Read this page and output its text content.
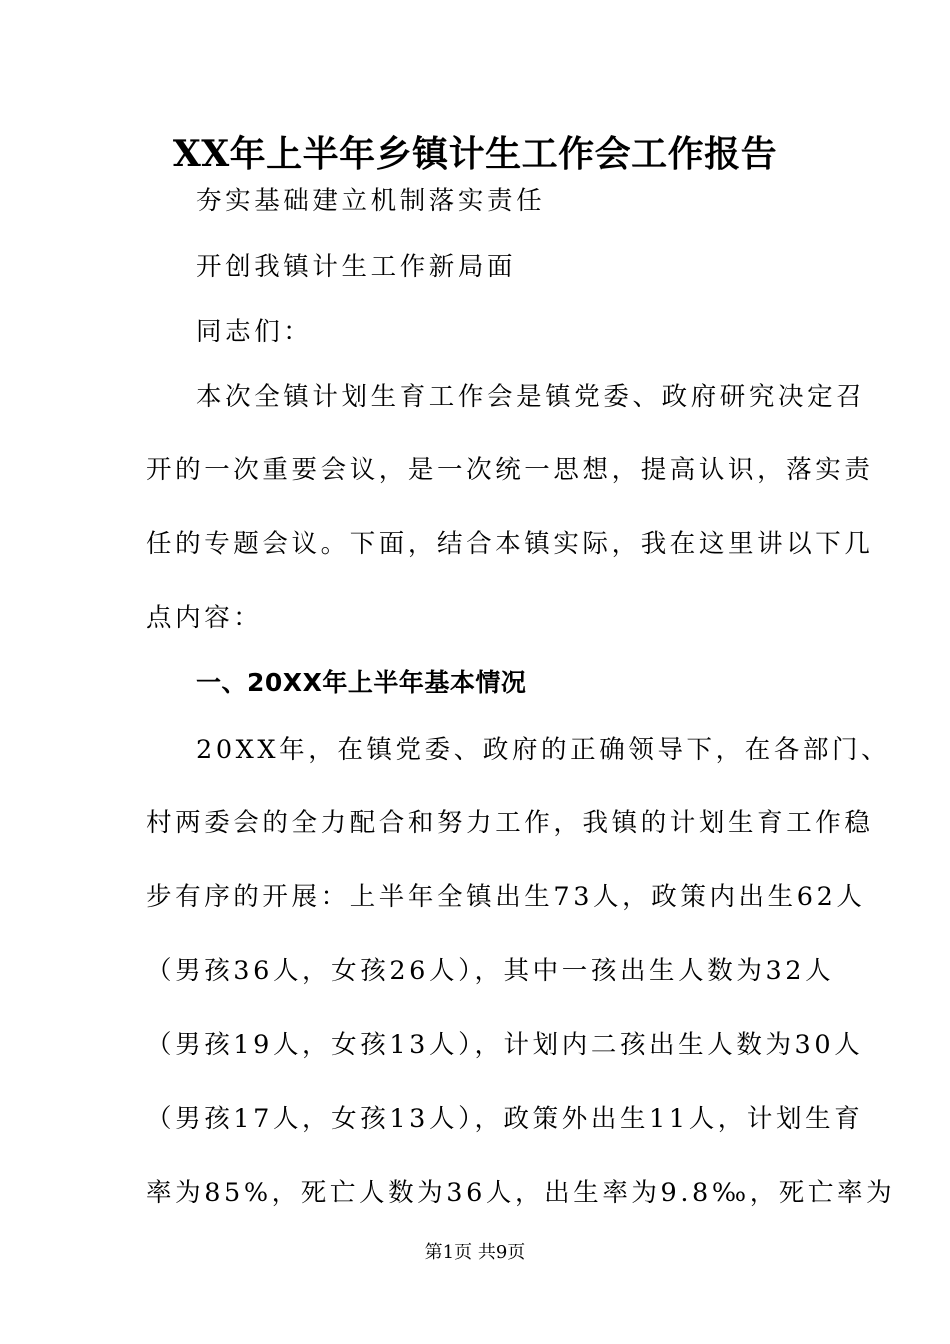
XX年上半年乡镇计生工作会工作报告
夯实基础建立机制落实责任
开创我镇计生工作新局面
同志们：
本次全镇计划生育工作会是镇党委、政府研究决定召
开的一次重要会议，是一次统一思想，提高认识，落实责
任的专题会议。下面，结合本镇实际，我在这里讲以下几
点内容：
一、20XX年上半年基本情况
20XX年，在镇党委、政府的正确领导下，在各部门、
村两委会的全力配合和努力工作，我镇的计划生育工作稳
步有序的开展：上半年全镇出生73人，政策内出生62人
（男孩36人，女孩26人），其中一孩出生人数为32人
（男孩19人，女孩13人），计划内二孩出生人数为30人
（男孩17人，女孩13人），政策外出生11人，计划生育
率为85%，死亡人数为36人，出生率为9.8‰，死亡率为
第1页 共9页
